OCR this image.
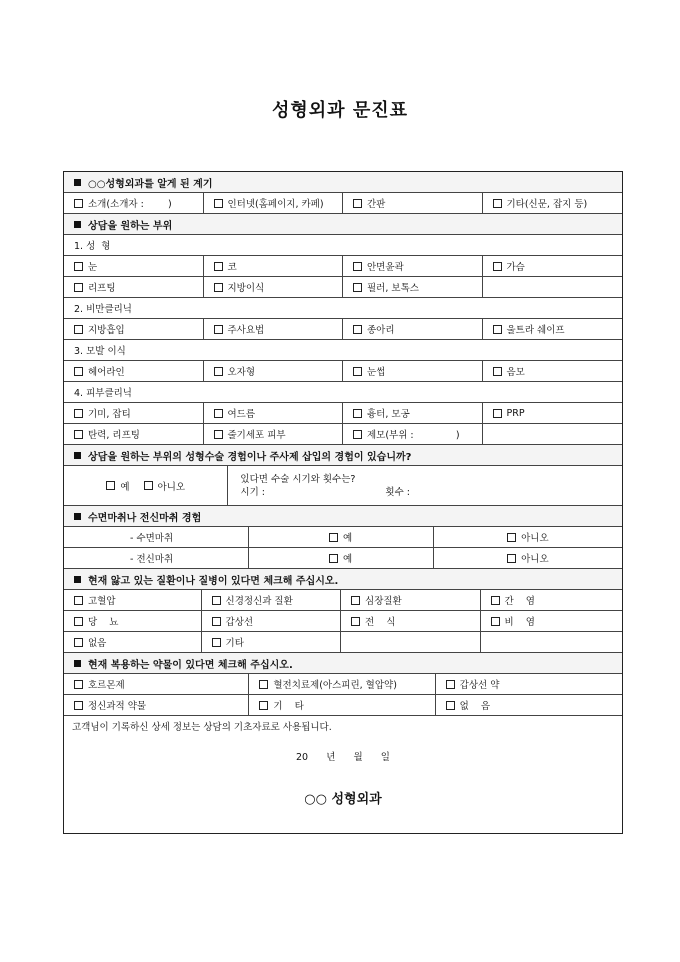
성형외과 문진표
○○성형외과를 알게 된 계기
소개(소개자 :        )	인터넷(홈페이지, 카페)	간판	기타(신문, 잡지 등)
상담을 원하는 부위
1. 성  형
눈	코	안면윤곽	가슴
리프팅	지방이식	필러, 보톡스
2. 비만클리닉
지방흡입	주사요법	종아리	울트라 쉐이프
3. 모발 이식
헤어라인	오자형	눈썹	음모
4. 피부클리닉
기미, 잡티	여드름	흉터, 모공	PRP
탄력, 리프팅	줄기세포 피부	제모(부위 :              )
상담을 원하는 부위의 성형수술 경험이나 주사제 삽입의 경험이 있습니까?
예	아니오
있다면 수술 시기와 횟수는?
시기 :	횟수 :
수면마취나 전신마취 경험
- 수면마취	예	아니오
- 전신마취	예	아니오
현재 앓고 있는 질환이나 질병이 있다면 체크해 주십시오.
고혈압	신경정신과 질환	심장질환	간    염
당    뇨	갑상선	전    식	비    염
없음	기타
현재 복용하는 약물이 있다면 체크해 주십시오.
호르몬제	혈전치료제(아스피린, 혈압약)	갑상선 약
정신과적 약물	기    타	없    음
고객님이 기록하신 상세 정보는 상담의 기초자료로 사용됩니다.
20      년      월      일
○○ 성형외과
